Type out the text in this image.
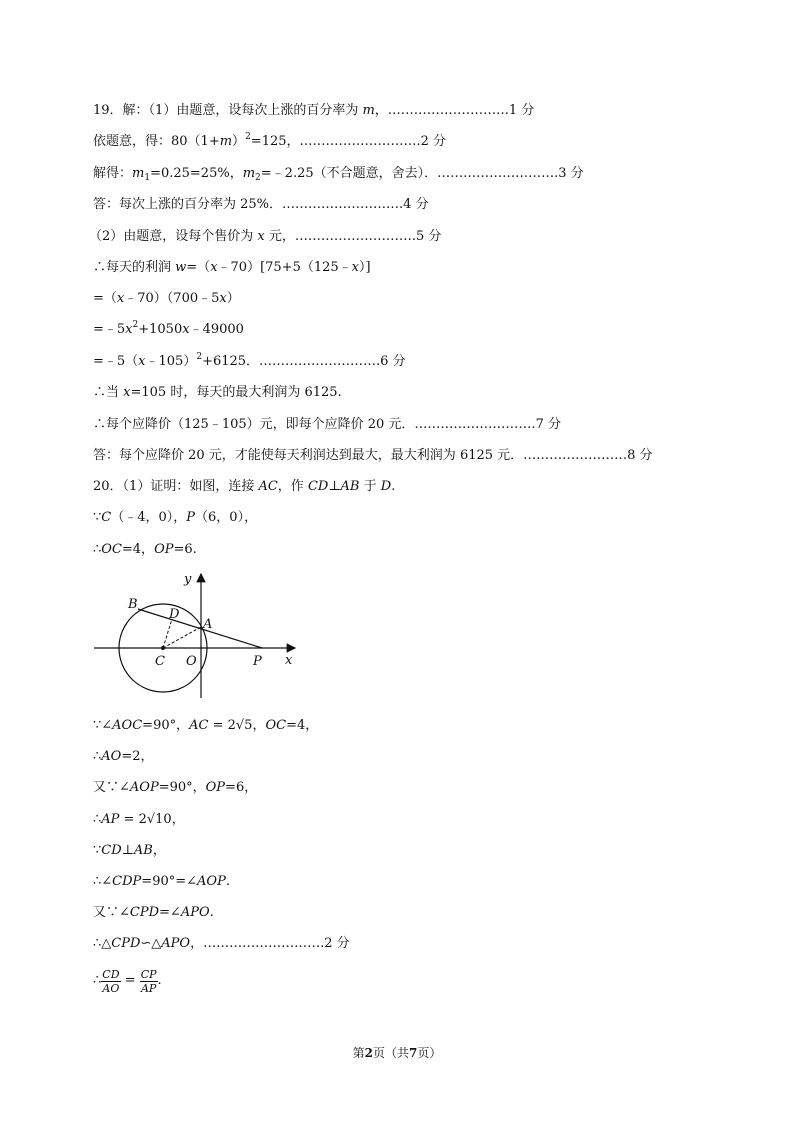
19．解：（1）由题意，设每次上涨的百分率为 m，……………………….1 分
依题意，得：$80(1+m)^2=125$，……………………….2 分
解得：$m_1=0.25=25\%$，$m_2=﹣2.25$（不合题意，舍去）．……………………….3 分
答：每次上涨的百分率为 25%．……………………….4 分
（2）由题意，设每个售价为 x 元，……………………….5 分
∴每天的利润 w=（x﹣70）[75+5（125﹣x）]
=（x﹣70）（700﹣5x）
$=﹣5x^2+1050x﹣49000$
=﹣5（x﹣105）$^2$+6125．……………………….6 分
∴当 x=105 时，每天的最大利润为 6125.
∴每个应降价（125﹣105）元，即每个应降价 20 元．……………………….7 分
答：每个应降价 20 元，才能使每天利润达到最大，最大利润为 6125 元．……………………8 分
20．（1）证明：如图，连接 AC，作 CD⊥AB 于 D.
∵C（﹣4，0），P（6，0），
∴OC=4，OP=6.
B
D
A
C O	P x
y
∵∠AOC=90°，AC = 2√5，OC=4，
∴AO=2，
又∵∠AOP=90°，OP=6，
∴AP = 2√10，
∵CD⊥AB，
∴∠CDP=90°=∠AOP.
又∵∠CPD=∠APO.
∴△CPD∽△APO，……………………….2 分
∴ $\frac{CD}{AO} = \frac{CP}{AP}$ .
第2页（共7页）
